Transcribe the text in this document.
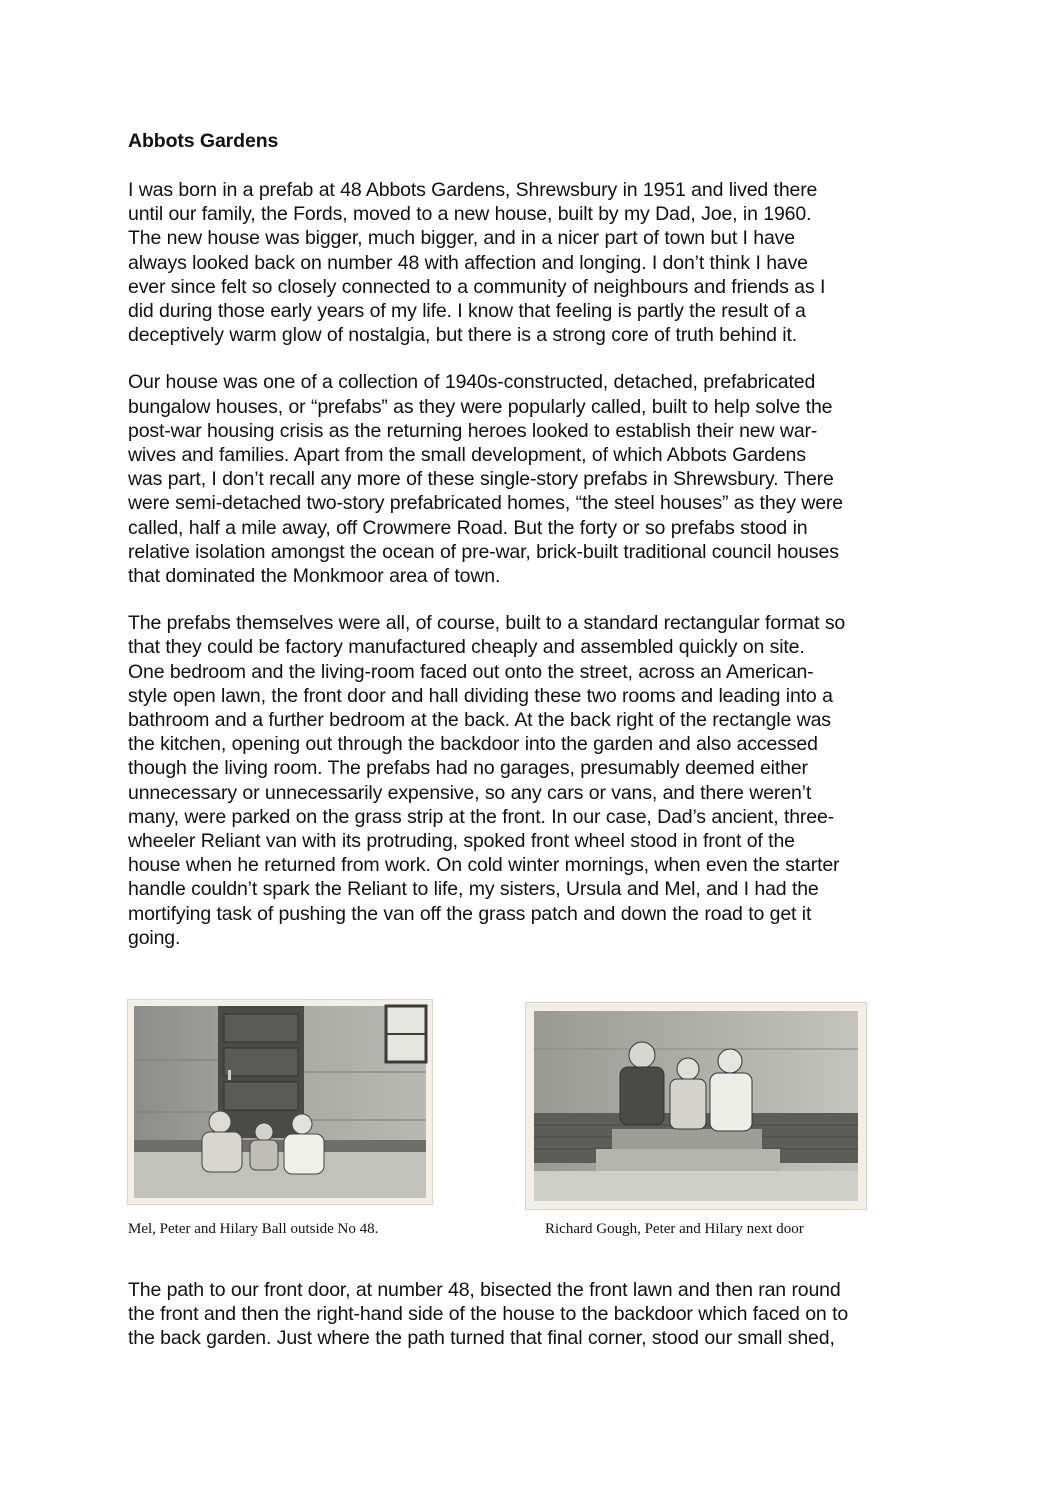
Abbots Gardens
I was born in a prefab at 48 Abbots Gardens, Shrewsbury in 1951 and lived there
until our family, the Fords, moved to a new house, built by my Dad, Joe, in 1960.
The new house was bigger, much bigger, and in a nicer part of town but I have
always looked back on number 48 with affection and longing. I don’t think I have
ever since felt so closely connected to a community of neighbours and friends as I
did during those early years of my life. I know that feeling is partly the result of a
deceptively warm glow of nostalgia, but there is a strong core of truth behind it.
Our house was one of a collection of 1940s-constructed, detached, prefabricated
bungalow houses, or “prefabs” as they were popularly called, built to help solve the
post-war housing crisis as the returning heroes looked to establish their new war-
wives and families. Apart from the small development, of which Abbots Gardens
was part, I don’t recall any more of these single-story prefabs in Shrewsbury. There
were semi-detached two-story prefabricated homes, “the steel houses” as they were
called, half a mile away, off Crowmere Road. But the forty or so prefabs stood in
relative isolation amongst the ocean of pre-war, brick-built traditional council houses
that dominated the Monkmoor area of town.
The prefabs themselves were all, of course, built to a standard rectangular format so
that they could be factory manufactured cheaply and assembled quickly on site.
One bedroom and the living-room faced out onto the street, across an American-
style open lawn, the front door and hall dividing these two rooms and leading into a
bathroom and a further bedroom at the back. At the back right of the rectangle was
the kitchen, opening out through the backdoor into the garden and also accessed
though the living room. The prefabs had no garages, presumably deemed either
unnecessary or unnecessarily expensive, so any cars or vans, and there weren’t
many, were parked on the grass strip at the front. In our case, Dad’s ancient, three-
wheeler Reliant van with its protruding, spoked front wheel stood in front of the
house when he returned from work. On cold winter mornings, when even the starter
handle couldn’t spark the Reliant to life, my sisters, Ursula and Mel, and I had the
mortifying task of pushing the van off the grass patch and down the road to get it
going.
Mel, Peter and Hilary Ball outside No 48.	Richard Gough, Peter and Hilary next door
The path to our front door, at number 48, bisected the front lawn and then ran round
the front and then the right-hand side of the house to the backdoor which faced on to
the back garden. Just where the path turned that final corner, stood our small shed,
